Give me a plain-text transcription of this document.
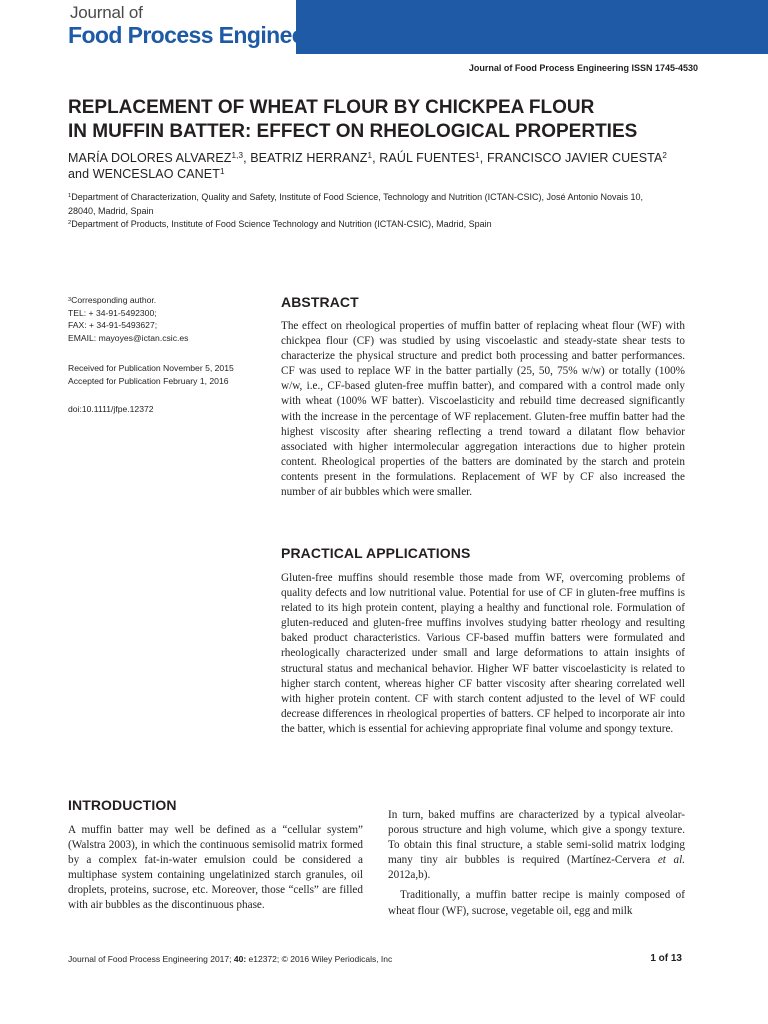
Journal of
Food Process Engineering
Journal of Food Process Engineering ISSN 1745-4530
REPLACEMENT OF WHEAT FLOUR BY CHICKPEA FLOUR
IN MUFFIN BATTER: EFFECT ON RHEOLOGICAL PROPERTIES
MARÍA DOLORES ALVAREZ$^{1,3}$, BEATRIZ HERRANZ$^1$, RAÚL FUENTES$^1$, FRANCISCO JAVIER CUESTA$^2$
and WENCESLAO CANET$^1$
$^1$Department of Characterization, Quality and Safety, Institute of Food Science, Technology and Nutrition (ICTAN-CSIC), José Antonio Novais 10,
28040, Madrid, Spain
$^2$Department of Products, Institute of Food Science Technology and Nutrition (ICTAN-CSIC), Madrid, Spain
$^3$Corresponding author.
TEL: + 34-91-5492300;
FAX: + 34-91-5493627;
EMAIL: mayoyes@ictan.csic.es
Received for Publication November 5, 2015
Accepted for Publication February 1, 2016
doi:10.1111/jfpe.12372
ABSTRACT
The effect on rheological properties of muffin batter of replacing wheat flour (WF) with chickpea flour (CF) was studied by using viscoelastic and steady-state shear tests to characterize the physical structure and predict both processing and batter performances. CF was used to replace WF in the batter partially (25, 50, 75% w/w) or totally (100% w/w, i.e., CF-based gluten-free muffin batter), and compared with a control made only with wheat (100% WF batter). Viscoelasticity and rebuild time decreased significantly with the increase in the percentage of WF replacement. Gluten-free muffin batter had the highest viscosity after shearing reflecting a trend toward a dilatant flow behavior associated with higher intermolecular aggregation interactions due to higher protein content. Rheological properties of the batters are dominated by the starch and protein contents present in the formulations. Replacement of WF by CF also increased the number of air bubbles which were smaller.
PRACTICAL APPLICATIONS
Gluten-free muffins should resemble those made from WF, overcoming problems of quality defects and low nutritional value. Potential for use of CF in gluten-free muffins is related to its high protein content, playing a healthy and functional role. Formulation of gluten-reduced and gluten-free muffins involves studying batter rheology and resulting baked product characteristics. Various CF-based muffin batters were formulated and rheologically characterized under small and large deformations to attain insights of structural status and mechanical behavior. Higher WF batter viscoelasticity is related to higher starch content, whereas higher CF batter viscosity after shearing correlated well with higher protein content. CF with starch content adjusted to the level of WF could decrease differences in rheological properties of batters. CF helped to incorporate air into the batter, which is essential for achieving appropriate final volume and spongy texture.
INTRODUCTION
A muffin batter may well be defined as a “cellular system” (Walstra 2003), in which the continuous semisolid matrix formed by a complex fat-in-water emulsion could be considered a multiphase system containing ungelatinized starch granules, oil droplets, proteins, sucrose, etc. Moreover, those “cells” are filled with air bubbles as the discontinuous phase.
In turn, baked muffins are characterized by a typical alveolar-porous structure and high volume, which give a spongy texture. To obtain this final structure, a stable semi-solid matrix lodging many tiny air bubbles is required (Martínez-Cervera et al. 2012a,b).
Traditionally, a muffin batter recipe is mainly composed of wheat flour (WF), sucrose, vegetable oil, egg and milk
Journal of Food Process Engineering 2017; 40: e12372; © 2016 Wiley Periodicals, Inc	1 of 13
